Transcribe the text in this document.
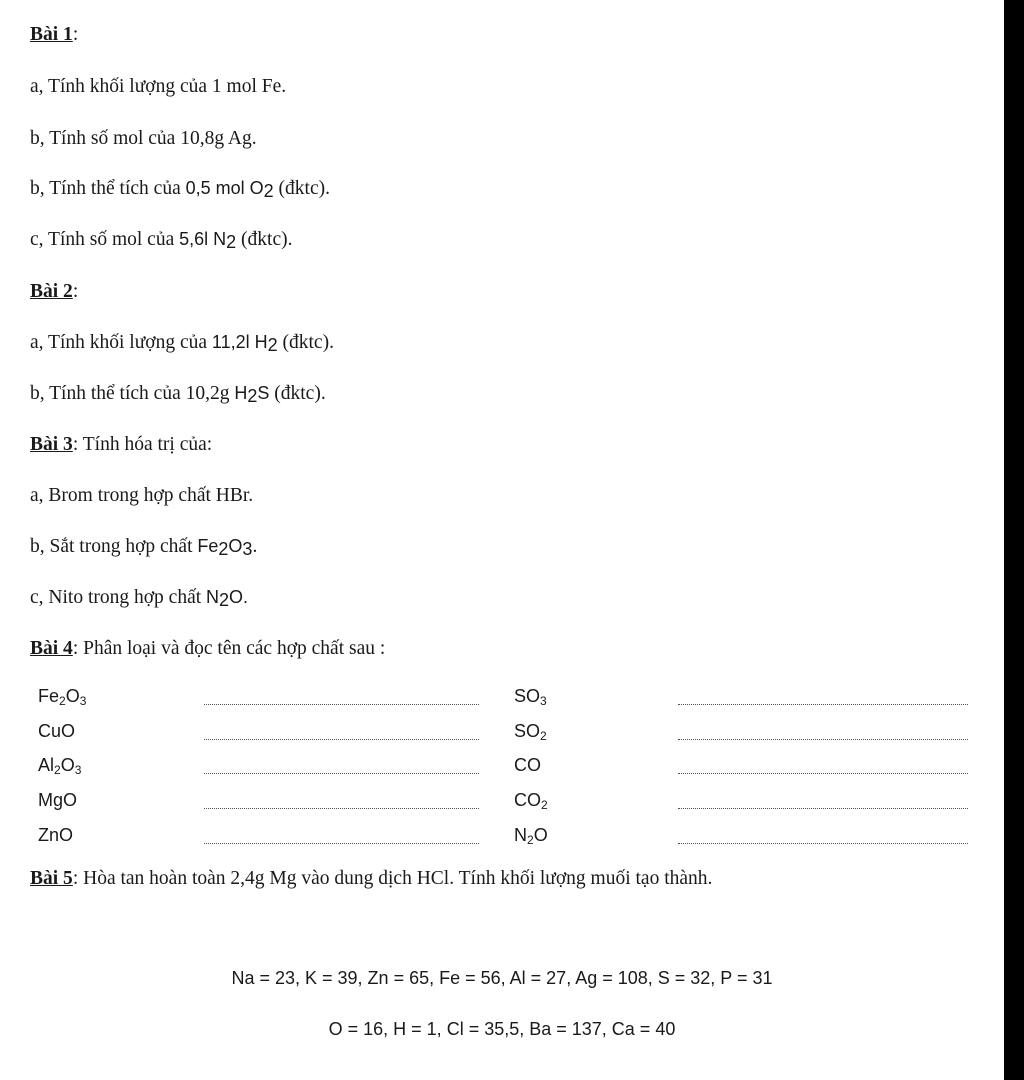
Bài 1:
a, Tính khối lượng của 1 mol Fe.
b, Tính số mol của 10,8g Ag.
b, Tính thể tích của 0,5 mol $O_2$ (đktc).
c, Tính số mol của 5,6l $N_2$ (đktc).
Bài 2:
a, Tính khối lượng của 11,2l $H_2$ (đktc).
b, Tính thể tích của 10,2g $H_2S$ (đktc).
Bài 3: Tính hóa trị của:
a, Brom trong hợp chất HBr.
b, Sắt trong hợp chất $Fe_2O_3$.
c, Nito trong hợp chất $N_2O$.
Bài 4: Phân loại và đọc tên các hợp chất sau :
$Fe_2O_3$	$SO_3$
CuO	$SO_2$
$Al_2O_3$	CO
MgO	$CO_2$
ZnO	$N_2O$
Bài 5: Hòa tan hoàn toàn 2,4g Mg vào dung dịch HCl. Tính khối lượng muối tạo thành.
Na = 23, K = 39, Zn = 65, Fe = 56, Al = 27, Ag = 108, S = 32, P = 31
O = 16, H = 1, Cl = 35,5, Ba = 137, Ca = 40
